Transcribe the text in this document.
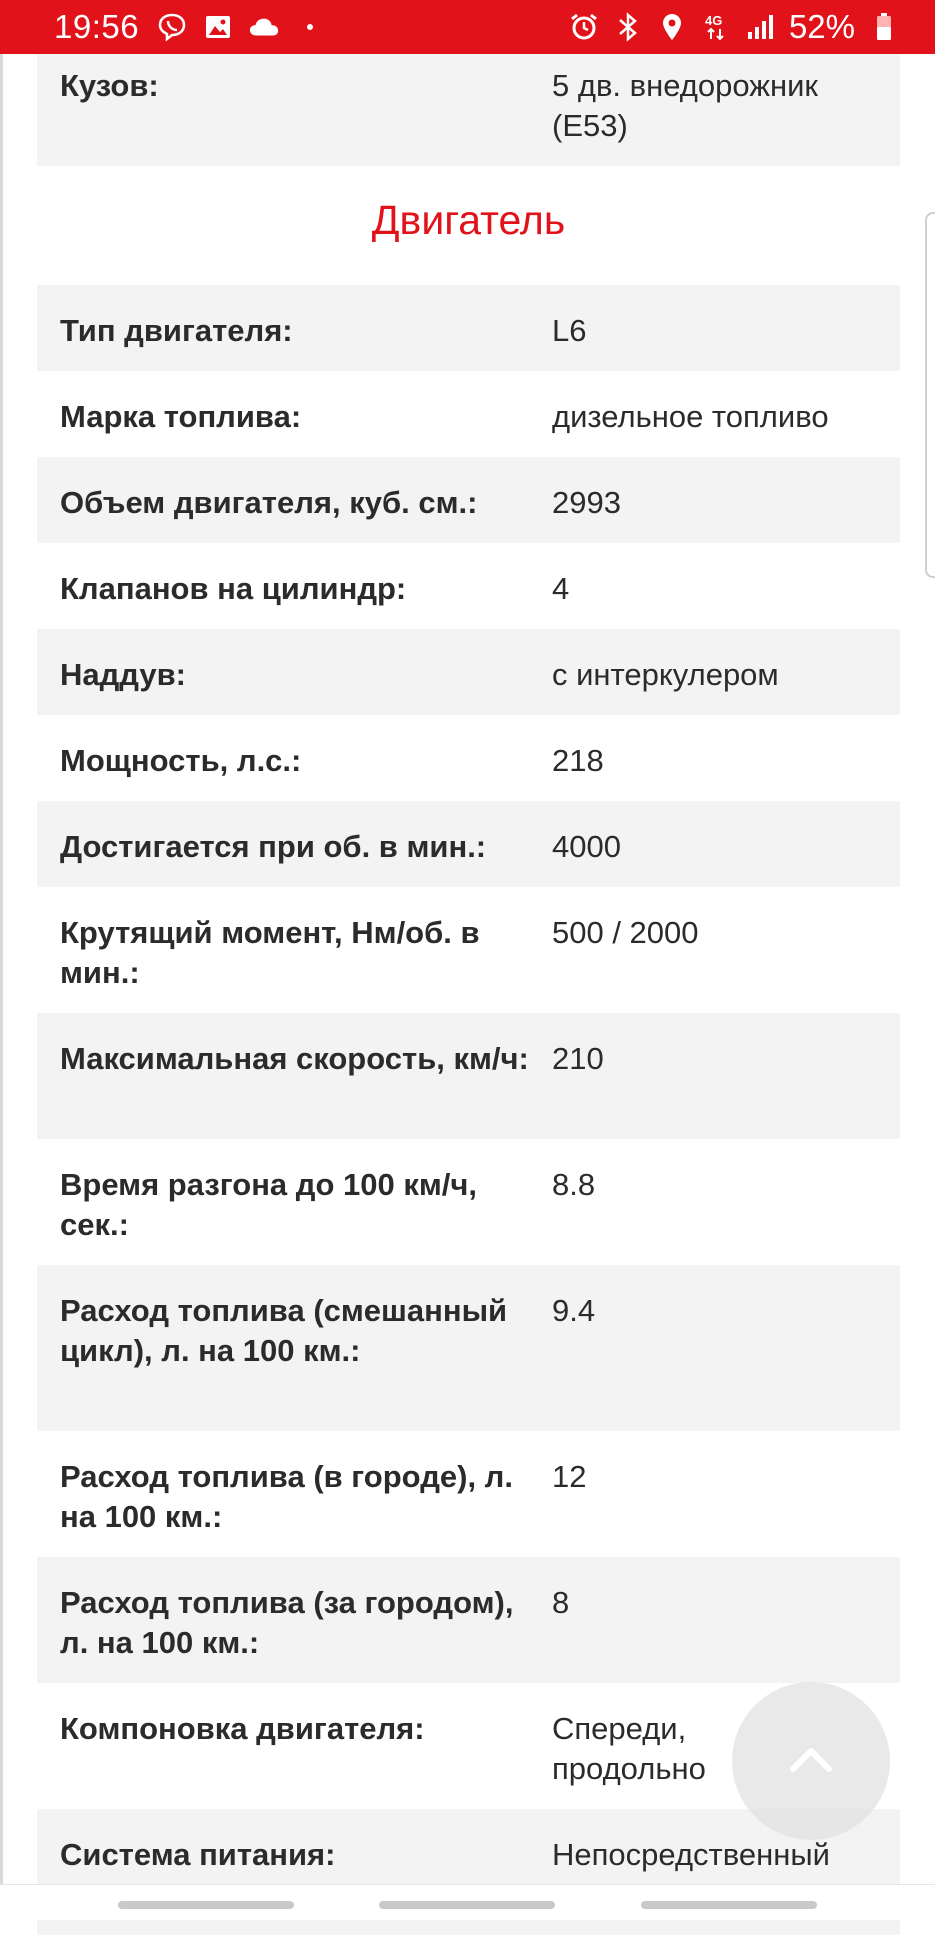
19:56	4G 52%
Кузов:	5 дв. внедорожник (E53)
Двигатель
Тип двигателя:	L6
Марка топлива:	дизельное топливо
Объем двигателя, куб. см.:	2993
Клапанов на цилиндр:	4
Наддув:	с интеркулером
Мощность, л.с.:	218
Достигается при об. в мин.:	4000
Крутящий момент, Нм/об. в мин.:
500 / 2000
Максимальная скорость, км/ч: 210
Время разгона до 100 км/ч, сек.:
8.8
Расход топлива (смешанный цикл), л. на 100 км.:
9.4
Расход топлива (в городе), л. на 100 км.:
12
Расход топлива (за городом), л. на 100 км.:
8
Компоновка двигателя:	Спереди, продольно
Система питания:	Непосредственный
